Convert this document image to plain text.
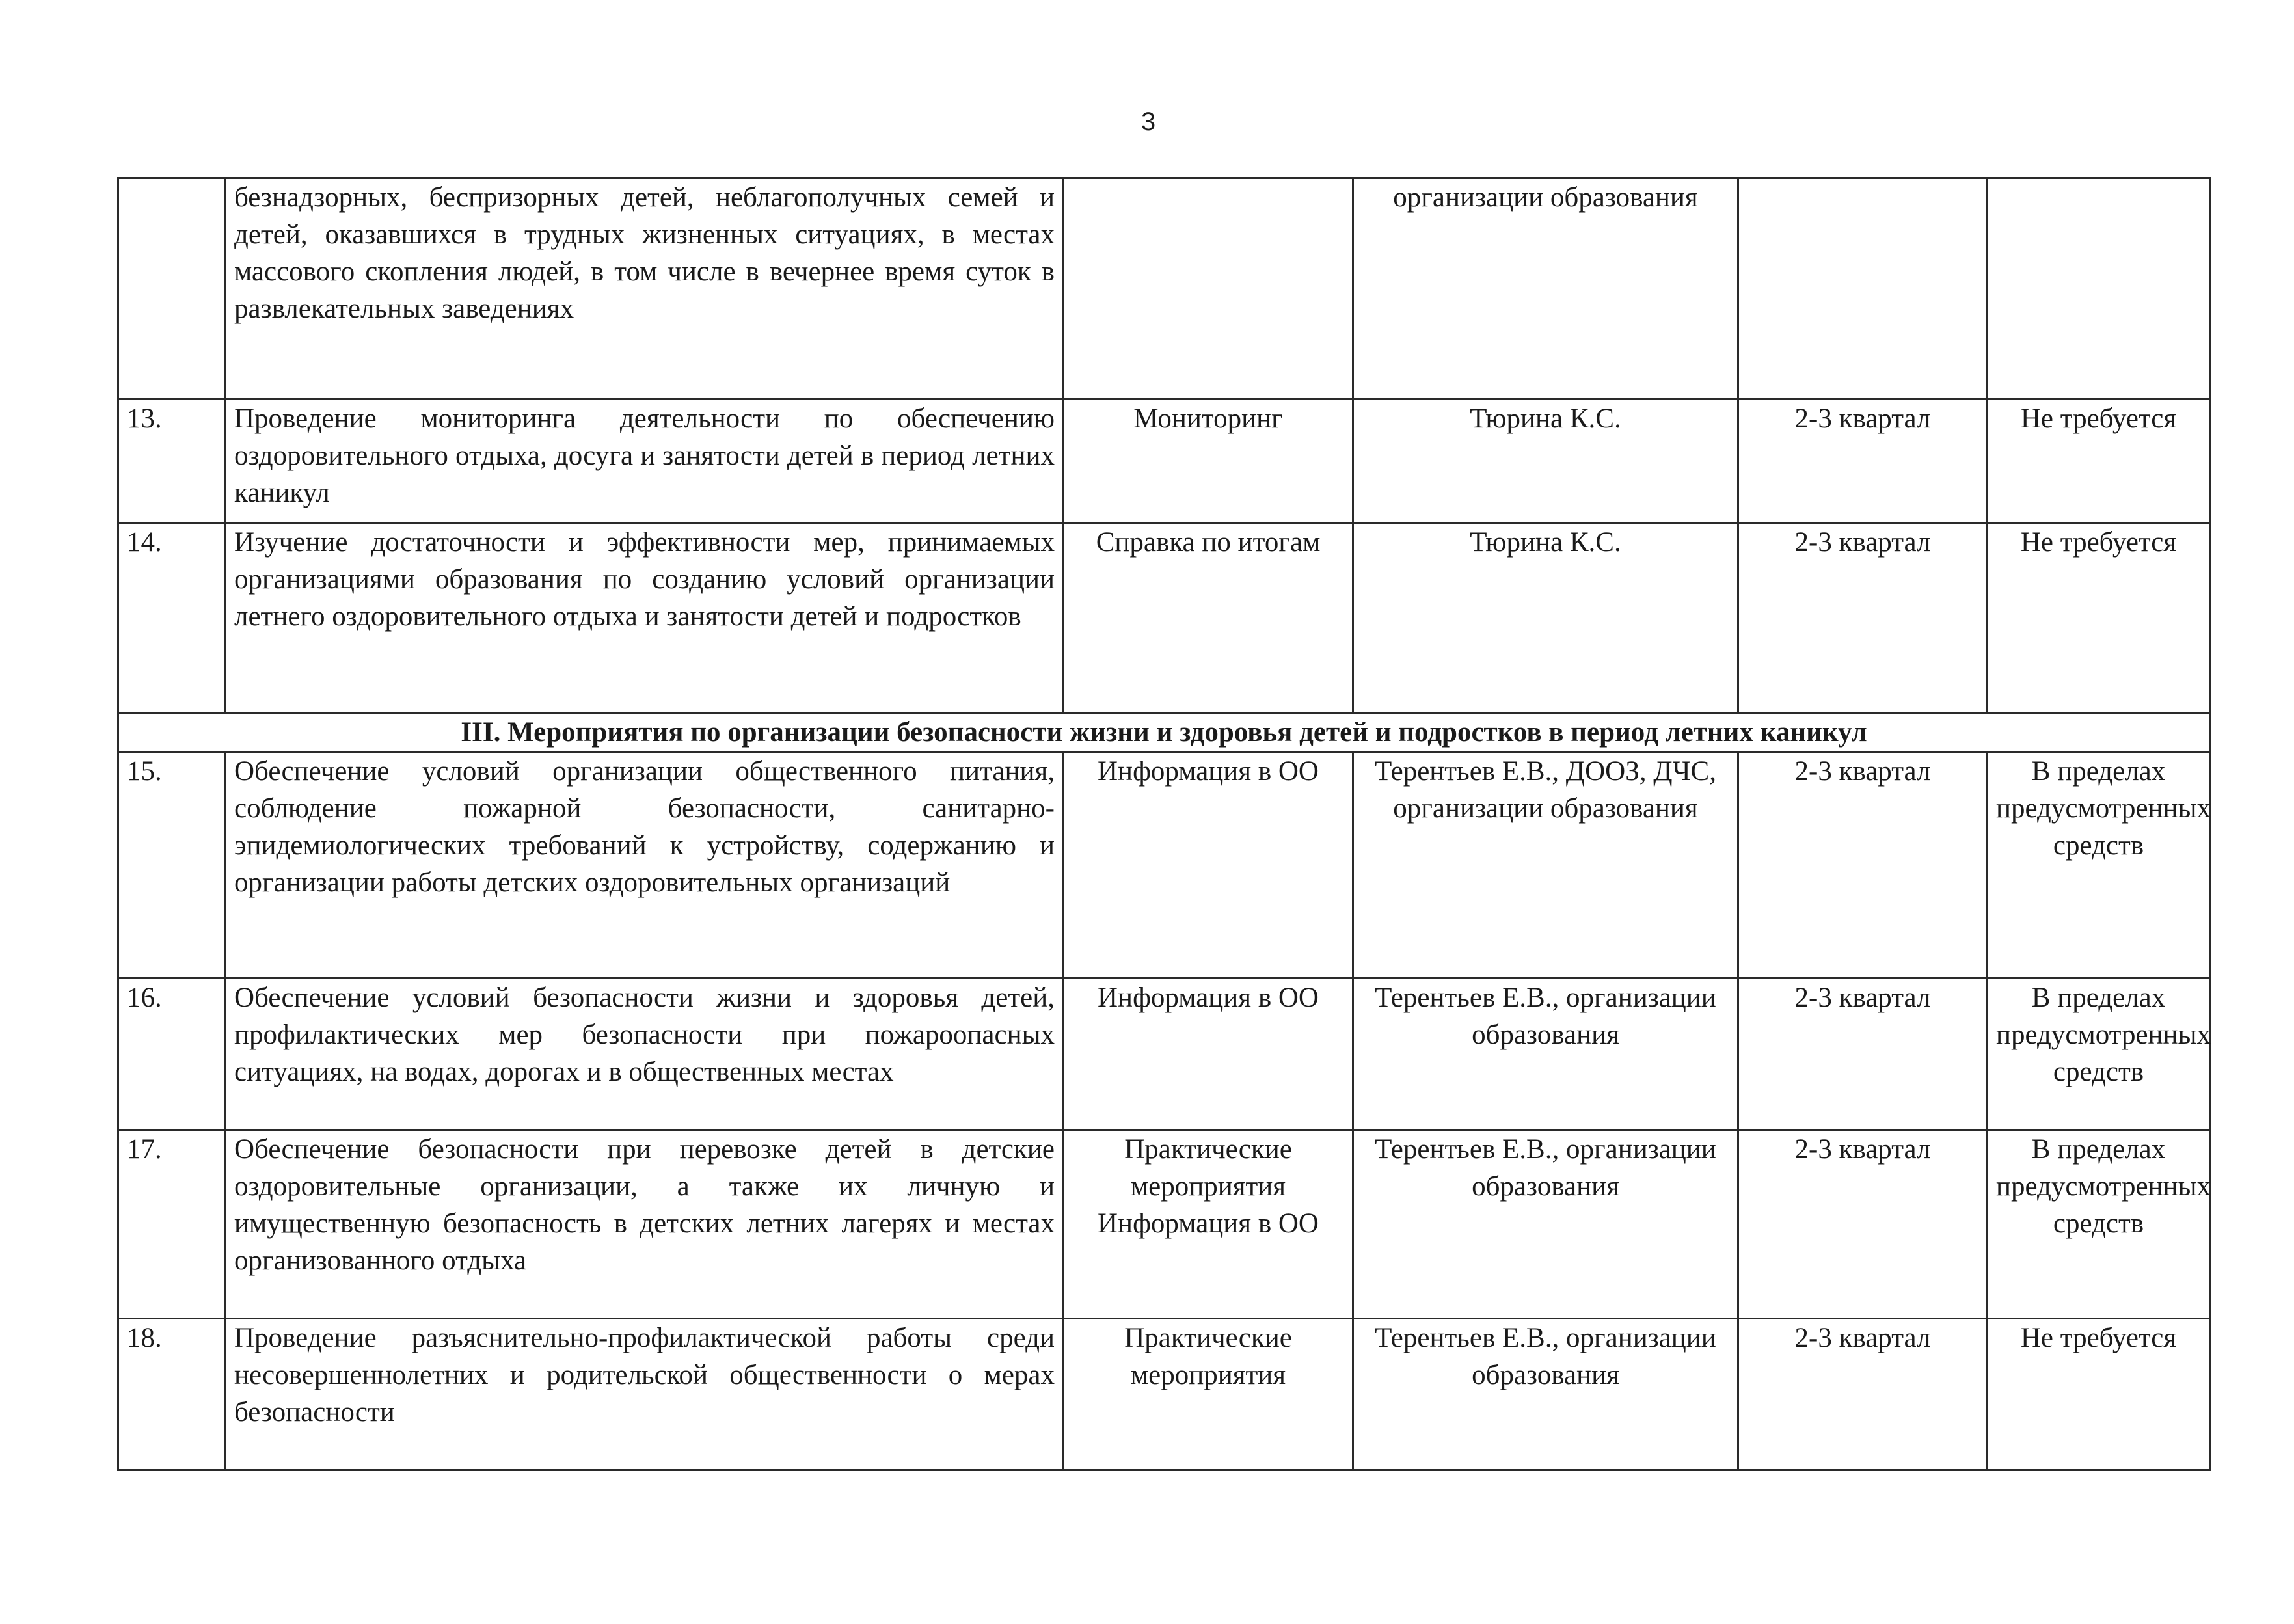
3
	безнадзорных, беспризорных детей, неблагополучных семей и детей, оказавшихся в трудных жизненных ситуациях, в местах массового скопления людей, в том числе в вечернее время суток в развлекательных заведениях		организации образования		
13.	Проведение мониторинга деятельности по обеспечению оздоровительного отдыха, досуга и занятости детей в период летних каникул	Мониторинг	Тюрина К.С.	2-3 квартал	Не требуется
14.	Изучение достаточности и эффективности мер, принимаемых организациями образования по созданию условий организации летнего оздоровительного отдыха и занятости детей и подростков	Справка по итогам	Тюрина К.С.	2-3 квартал	Не требуется
III. Мероприятия по организации безопасности жизни и здоровья детей и подростков в период летних каникул					
15.	Обеспечение условий организации общественного питания, соблюдение пожарной безопасности, санитарно-эпидемиологических требований к устройству, содержанию и организации работы детских оздоровительных организаций	Информация в ОО	Терентьев Е.В., ДООЗ, ДЧС, организации образования	2-3 квартал	В пределах предусмотренных средств
16.	Обеспечение условий безопасности жизни и здоровья детей, профилактических мер безопасности при пожароопасных ситуациях, на водах, дорогах и в общественных местах	Информация в ОО	Терентьев Е.В., организации образования	2-3 квартал	В пределах предусмотренных средств
17.	Обеспечение безопасности при перевозке детей в детские оздоровительные организации, а также их личную и имущественную безопасность в детских летних лагерях и местах организованного отдыха	Практические мероприятия Информация в ОО	Терентьев Е.В., организации образования	2-3 квартал	В пределах предусмотренных средств
18.	Проведение разъяснительно-профилактической работы среди несовершеннолетних и родительской общественности о мерах безопасности	Практические мероприятия	Терентьев Е.В., организации образования	2-3 квартал	Не требуется
